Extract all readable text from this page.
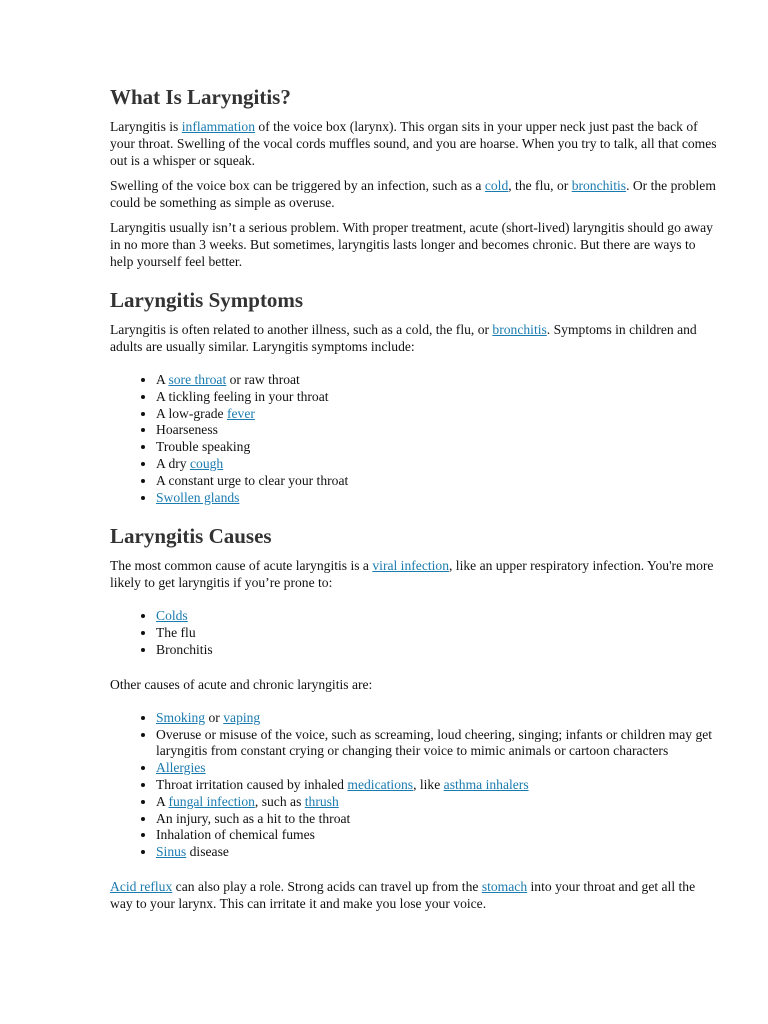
What Is Laryngitis?

Laryngitis is inflammation of the voice box (larynx). This organ sits in your upper neck just past the back of your throat. Swelling of the vocal cords muffles sound, and you are hoarse. When you try to talk, all that comes out is a whisper or squeak.

Swelling of the voice box can be triggered by an infection, such as a cold, the flu, or bronchitis. Or the problem could be something as simple as overuse.

Laryngitis usually isn’t a serious problem. With proper treatment, acute (short-lived) laryngitis should go away in no more than 3 weeks. But sometimes, laryngitis lasts longer and becomes chronic. But there are ways to help yourself feel better.

Laryngitis Symptoms

Laryngitis is often related to another illness, such as a cold, the flu, or bronchitis. Symptoms in children and adults are usually similar. Laryngitis symptoms include:

• A sore throat or raw throat
• A tickling feeling in your throat
• A low-grade fever
• Hoarseness
• Trouble speaking
• A dry cough
• A constant urge to clear your throat
• Swollen glands
Laryngitis Causes

The most common cause of acute laryngitis is a viral infection, like an upper respiratory infection. You're more likely to get laryngitis if you’re prone to:

• Colds
• The flu
• Bronchitis

Other causes of acute and chronic laryngitis are:

• Smoking or vaping
• Overuse or misuse of the voice, such as screaming, loud cheering, singing; infants or children may get laryngitis from constant crying or changing their voice to mimic animals or cartoon characters
• Allergies
• Throat irritation caused by inhaled medications, like asthma inhalers
• A fungal infection, such as thrush
• An injury, such as a hit to the throat
• Inhalation of chemical fumes
• Sinus disease

Acid reflux can also play a role. Strong acids can travel up from the stomach into your throat and get all the way to your larynx. This can irritate it and make you lose your voice.
